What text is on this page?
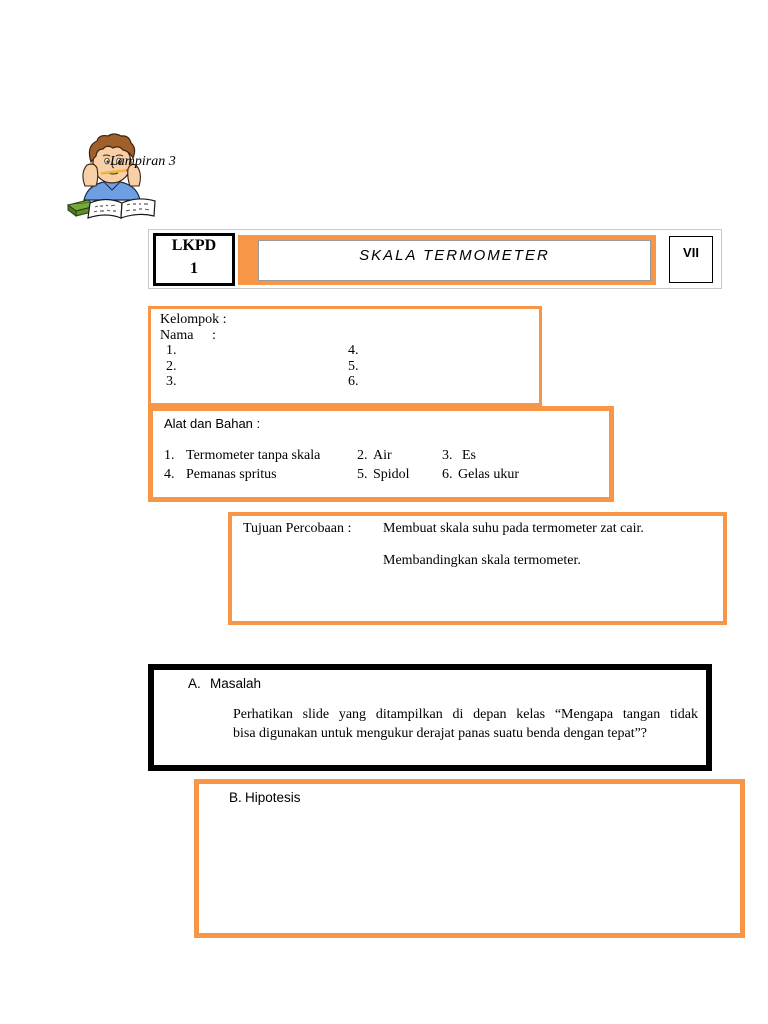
Lampiran 3
LKPD
1
SKALA TERMOMETER	VII
Kelompok :
Nama :
1.
2.
3.
4.
5.
6.
Alat dan Bahan :
1. Termometer tanpa skala	2. Air	3. Es
4. Pemanas spritus	5. Spidol 6. Gelas ukur
Tujuan Percobaan : Membuat skala suhu pada termometer zat cair.
Membandingkan skala termometer.
A. Masalah
Perhatikan slide yang ditampilkan di depan kelas “Mengapa tangan tidak
bisa digunakan untuk mengukur derajat panas suatu benda dengan tepat”?
B. Hipotesis
